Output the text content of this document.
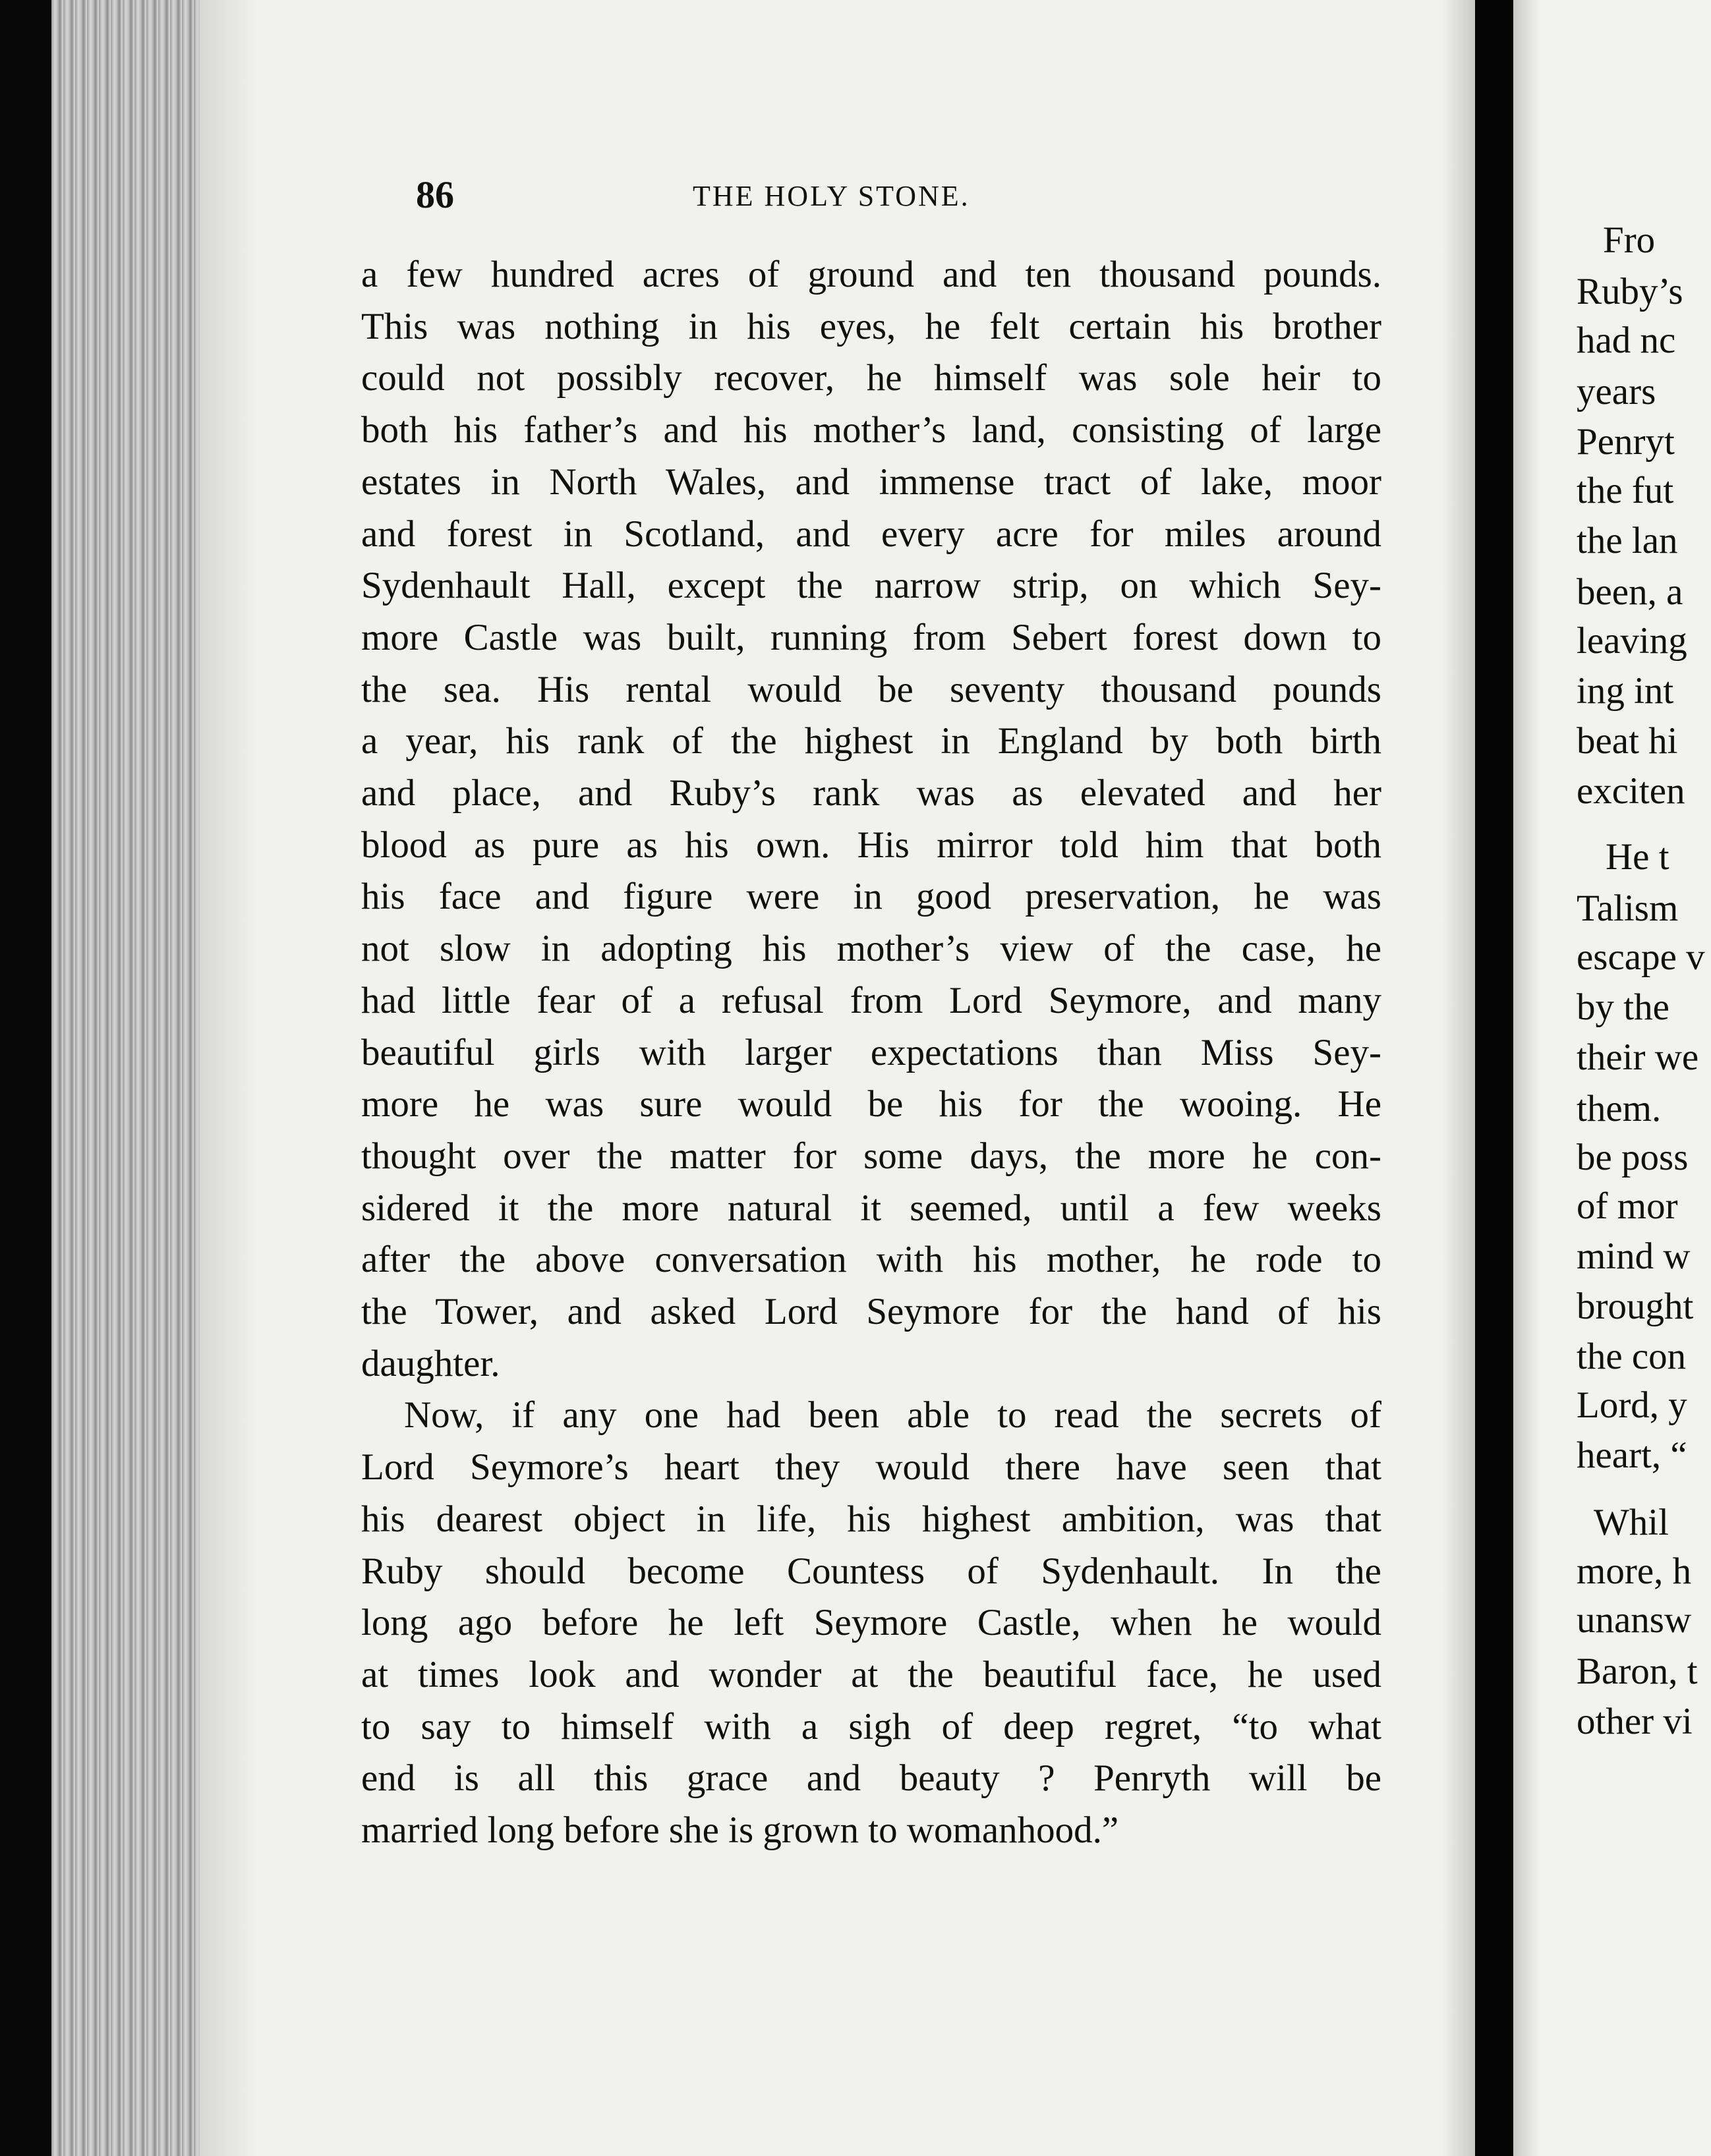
86	THE HOLY STONE.

a few hundred acres of ground and ten thousand pounds.
This was nothing in his eyes, he felt certain his brother
could not possibly recover, he himself was sole heir to
both his father’s and his mother’s land, consisting of large
estates in North Wales, and immense tract of lake, moor
and forest in Scotland, and every acre for miles around
Sydenhault Hall, except the narrow strip, on which Sey-
more Castle was built, running from Sebert forest down to
the sea. His rental would be seventy thousand pounds
a year, his rank of the highest in England by both birth
and place, and Ruby’s rank was as elevated and her
blood as pure as his own. His mirror told him that both
his face and figure were in good preservation, he was
not slow in adopting his mother’s view of the case, he
had little fear of a refusal from Lord Seymore, and many
beautiful girls with larger expectations than Miss Sey-
more he was sure would be his for the wooing. He
thought over the matter for some days, the more he con-
sidered it the more natural it seemed, until a few weeks
after the above conversation with his mother, he rode to
the Tower, and asked Lord Seymore for the hand of his
daughter.

Now, if any one had been able to read the secrets of
Lord Seymore’s heart they would there have seen that
his dearest object in life, his highest ambition, was that
Ruby should become Countess of Sydenhault. In the
long ago before he left Seymore Castle, when he would
at times look and wonder at the beautiful face, he used
to say to himself with a sigh of deep regret, “to what
end is all this grace and beauty ? Penryth will be
married long before she is grown to womanhood.”

Fro
Ruby’s
had nc
years
Penryt
the fut
the lan
been, a
leaving
ing int
beat hi
exciten
He t
Talism
escape v
by the
their we
them.
be poss
of mor
mind w
brought
the con
Lord, y
heart, “
Whil
more, h
unansw
Baron, t
other vi
